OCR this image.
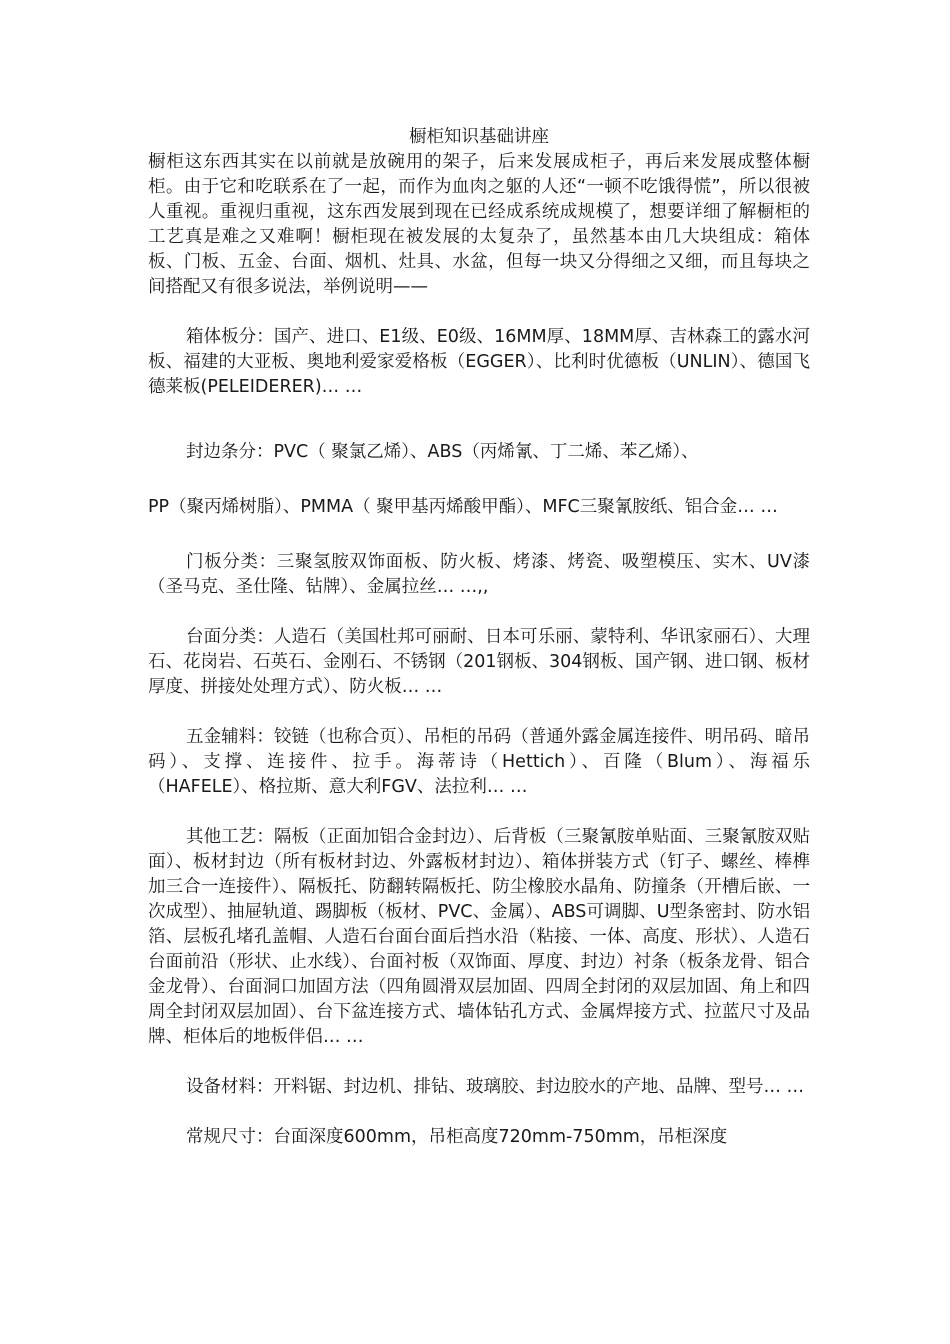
橱柜知识基础讲座

橱柜这东西其实在以前就是放碗用的架子，后来发展成柜子，再后来发展成整体橱柜。由于它和吃联系在了一起，而作为血肉之躯的人还“一顿不吃饿得慌”，所以很被人重视。重视归重视，这东西发展到现在已经成系统成规模了，想要详细了解橱柜的工艺真是难之又难啊！橱柜现在被发展的太复杂了，虽然基本由几大块组成：箱体板、门板、五金、台面、烟机、灶具、水盆，但每一块又分得细之又细，而且每块之间搭配又有很多说法，举例说明——

箱体板分：国产、进口、E1级、E0级、16MM厚、18MM厚、吉林森工的露水河板、福建的大亚板、奥地利爱家爱格板（EGGER）、比利时优德板（UNLIN）、德国飞德莱板(PELEIDERER)… …

封边条分：PVC（ 聚氯乙烯）、ABS（丙烯氰、丁二烯、苯乙烯）、

PP（聚丙烯树脂）、PMMA（ 聚甲基丙烯酸甲酯）、MFC三聚氰胺纸、铝合金… …

门板分类：三聚氢胺双饰面板、防火板、烤漆、烤瓷、吸塑模压、实木、UV漆（圣马克、圣仕隆、钻牌）、金属拉丝… …,,

台面分类：人造石（美国杜邦可丽耐、日本可乐丽、蒙特利、华讯家丽石）、大理石、花岗岩、石英石、金刚石、不锈钢（201钢板、304钢板、国产钢、进口钢、板材厚度、拼接处处理方式）、防火板… …

五金辅料：铰链（也称合页）、吊柜的吊码（普通外露金属连接件、明吊码、暗吊码）、支撑、连接件、拉手。海蒂诗（Hettich）、百隆（Blum）、海福乐（HAFELE）、格拉斯、意大利FGV、法拉利… …

其他工艺：隔板（正面加铝合金封边）、后背板（三聚氰胺单贴面、三聚氰胺双贴面）、板材封边（所有板材封边、外露板材封边）、箱体拼装方式（钉子、螺丝、棒榫加三合一连接件）、隔板托、防翻转隔板托、防尘橡胶水晶角、防撞条（开槽后嵌、一次成型）、抽屉轨道、踢脚板（板材、PVC、金属）、ABS可调脚、U型条密封、防水铝箔、层板孔堵孔盖帽、人造石台面台面后挡水沿（粘接、一体、高度、形状）、人造石台面前沿（形状、止水线）、台面衬板（双饰面、厚度、封边）衬条（板条龙骨、铝合金龙骨）、台面洞口加固方法（四角圆滑双层加固、四周全封闭的双层加固、角上和四周全封闭双层加固）、台下盆连接方式、墙体钻孔方式、金属焊接方式、拉蓝尺寸及品牌、柜体后的地板伴侣… …

设备材料：开料锯、封边机、排钻、玻璃胶、封边胶水的产地、品牌、型号… …

常规尺寸：台面深度600mm，吊柜高度720mm-750mm，吊柜深度
